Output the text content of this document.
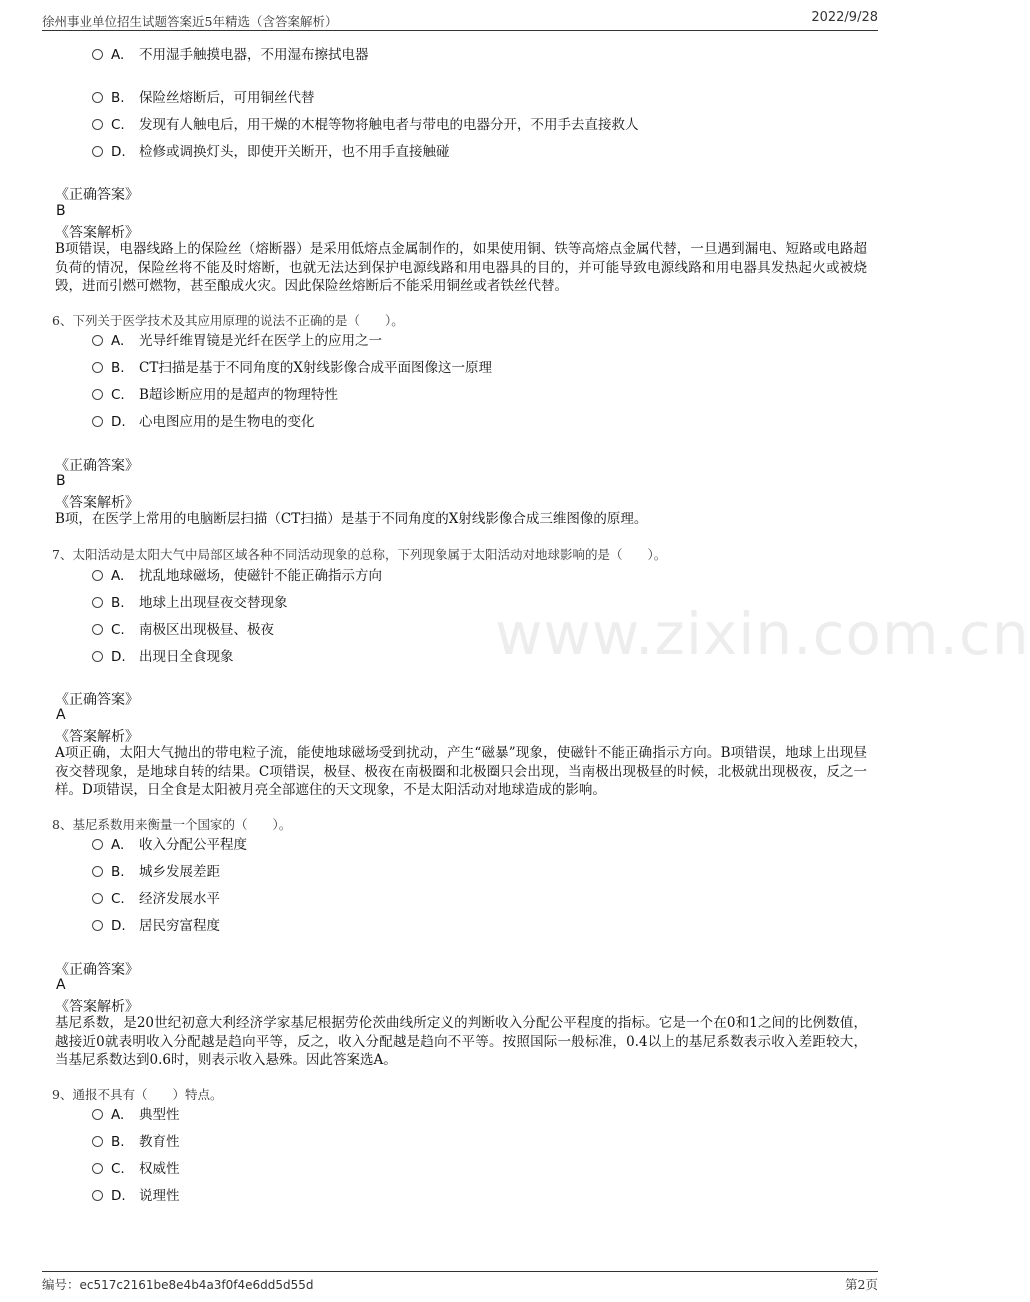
徐州事业单位招生试题答案近5年精选（含答案解析）	2022/9/28
www.zixin.com.cn
A. 不用湿手触摸电器，不用湿布擦拭电器
B. 保险丝熔断后，可用铜丝代替
C. 发现有人触电后，用干燥的木棍等物将触电者与带电的电器分开，不用手去直接救人
D. 检修或调换灯头，即使开关断开，也不用手直接触碰
《正确答案》
B
《答案解析》
B项错误，电器线路上的保险丝（熔断器）是采用低熔点金属制作的，如果使用铜、铁等高熔点金属代替，一旦遇到漏电、短路或电路超负荷的情况，保险丝将不能及时熔断，也就无法达到保护电源线路和用电器具的目的，并可能导致电源线路和用电器具发热起火或被烧毁，进而引燃可燃物，甚至酿成火灾。因此保险丝熔断后不能采用铜丝或者铁丝代替。
6、下列关于医学技术及其应用原理的说法不正确的是（　　）。
A. 光导纤维胃镜是光纤在医学上的应用之一
B. CT扫描是基于不同角度的X射线影像合成平面图像这一原理
C. B超诊断应用的是超声的物理特性
D. 心电图应用的是生物电的变化
《正确答案》
B
《答案解析》
B项，在医学上常用的电脑断层扫描（CT扫描）是基于不同角度的X射线影像合成三维图像的原理。
7、太阳活动是太阳大气中局部区域各种不同活动现象的总称，下列现象属于太阳活动对地球影响的是（　　）。
A. 扰乱地球磁场，使磁针不能正确指示方向
B. 地球上出现昼夜交替现象
C. 南极区出现极昼、极夜
D. 出现日全食现象
《正确答案》
A
《答案解析》
A项正确，太阳大气抛出的带电粒子流，能使地球磁场受到扰动，产生“磁暴”现象，使磁针不能正确指示方向。B项错误，地球上出现昼夜交替现象，是地球自转的结果。C项错误，极昼、极夜在南极圈和北极圈只会出现，当南极出现极昼的时候，北极就出现极夜，反之一样。D项错误，日全食是太阳被月亮全部遮住的天文现象，不是太阳活动对地球造成的影响。
8、基尼系数用来衡量一个国家的（　　）。
A. 收入分配公平程度
B. 城乡发展差距
C. 经济发展水平
D. 居民穷富程度
《正确答案》
A
《答案解析》
基尼系数，是20世纪初意大利经济学家基尼根据劳伦茨曲线所定义的判断收入分配公平程度的指标。它是一个在0和1之间的比例数值，越接近0就表明收入分配越是趋向平等，反之，收入分配越是趋向不平等。按照国际一般标准，0.4以上的基尼系数表示收入差距较大，当基尼系数达到0.6时，则表示收入悬殊。因此答案选A。
9、通报不具有（　　）特点。
A. 典型性
B. 教育性
C. 权威性
D. 说理性
编号：ec517c2161be8e4b4a3f0f4e6dd5d55d	第2页
